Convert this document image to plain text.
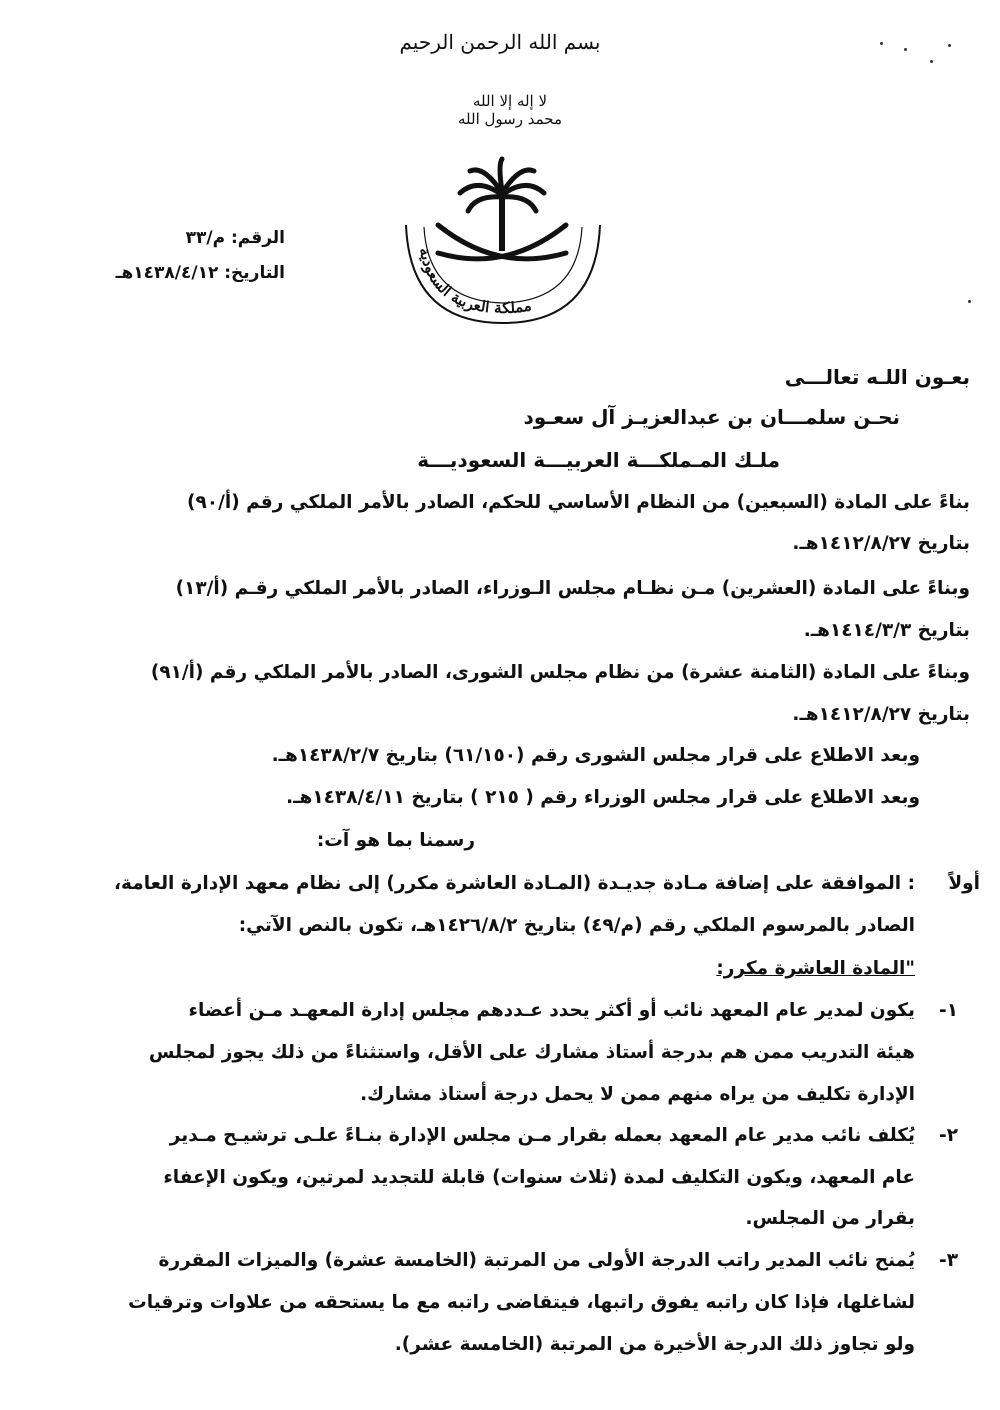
بسم الله الرحمن الرحيم
لا إله إلا الله محمد رسول الله
مملكة العربية السعودية
الرقم: م/٣٣
التاريخ: ١٤٣٨/٤/١٢هـ
بعـون اللـه تعالـــى
نحـن سلمـــان بن عبدالعزيـز آل سعـود
ملـك المـملكـــة العربيـــة السعوديـــة
بناءً على المادة (السبعين) من النظام الأساسي للحكم، الصادر بالأمر الملكي رقم (أ/٩٠)
بتاريخ ١٤١٢/٨/٢٧هـ.
وبناءً على المادة (العشرين) مـن نظـام مجلس الـوزراء، الصادر بالأمر الملكي رقـم (أ/١٣)
بتاريخ ١٤١٤/٣/٣هـ.
وبناءً على المادة (الثامنة عشرة) من نظام مجلس الشورى، الصادر بالأمر الملكي رقم (أ/٩١)
بتاريخ ١٤١٢/٨/٢٧هـ.
وبعد الاطلاع على قرار مجلس الشورى رقم (٦١/١٥٠) بتاريخ ١٤٣٨/٢/٧هـ.
وبعد الاطلاع على قرار مجلس الوزراء رقم ( ٢١٥ ) بتاريخ ١٤٣٨/٤/١١هـ.
رسمنا بما هو آت:
أولاً
: الموافقة على إضافة مـادة جديـدة (المـادة العاشرة مكرر) إلى نظام معهد الإدارة العامة،
الصادر بالمرسوم الملكي رقم (م/٤٩) بتاريخ ١٤٢٦/٨/٢هـ، تكون بالنص الآتي:
"المادة العاشرة مكرر:
١-
يكون لمدير عام المعهد نائب أو أكثر يحدد عـددهم مجلس إدارة المعهـد مـن أعضاء
هيئة التدريب ممن هم بدرجة أستاذ مشارك على الأقل، واستثناءً من ذلك يجوز لمجلس
الإدارة تكليف من يراه منهم ممن لا يحمل درجة أستاذ مشارك.
٢-
يُكلف نائب مدير عام المعهد بعمله بقرار مـن مجلس الإدارة بنـاءً علـى ترشيـح مـدير
عام المعهد، ويكون التكليف لمدة (ثلاث سنوات) قابلة للتجديد لمرتين، ويكون الإعفاء
بقرار من المجلس.
٣-
يُمنح نائب المدير راتب الدرجة الأولى من المرتبة (الخامسة عشرة) والميزات المقررة
لشاغلها، فإذا كان راتبه يفوق راتبها، فيتقاضى راتبه مع ما يستحقه من علاوات وترقيات
ولو تجاوز ذلك الدرجة الأخيرة من المرتبة (الخامسة عشر).
